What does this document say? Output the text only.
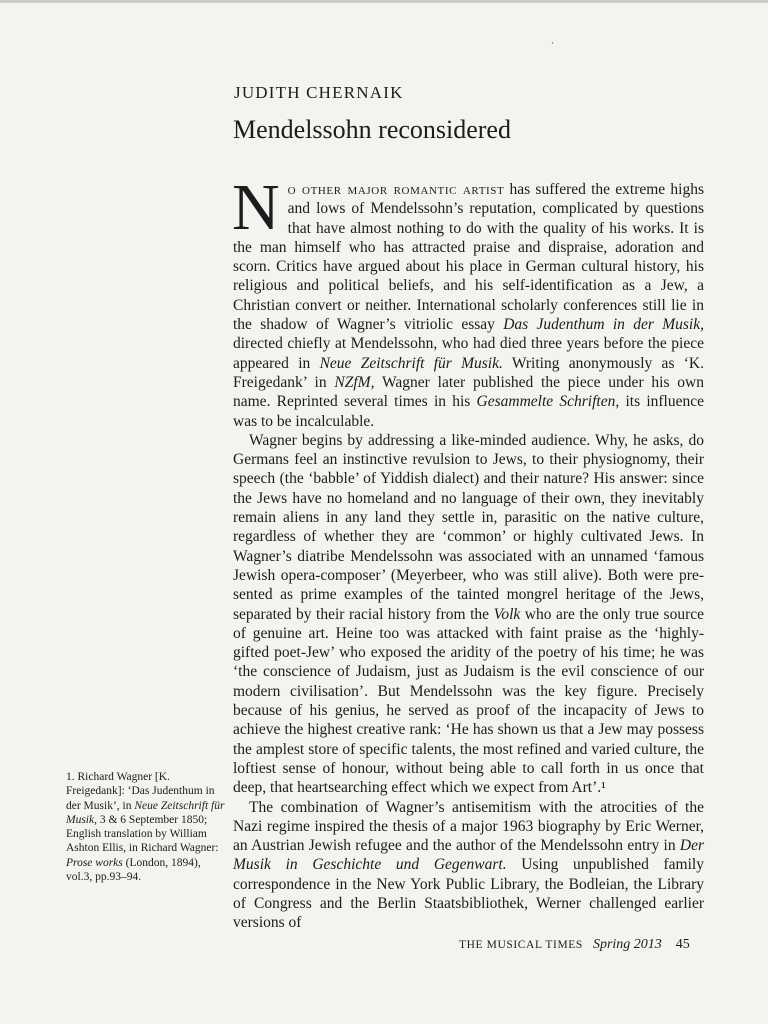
·
JUDITH CHERNAIK
Mendelssohn reconsidered

No other major romantic artist has suffered the extreme highs and lows of Mendelssohn’s reputation, complicated by questions that have almost nothing to do with the quality of his works. It is the man himself who has attracted praise and dispraise, adoration and scorn. Critics have argued about his place in German cultural history, his religious and political beliefs, and his self-identification as a Jew, a Christian convert or neither. International scholarly conferences still lie in the shadow of Wagner’s vitriolic essay Das Judenthum in der Musik, directed chiefly at Mendelssohn, who had died three years before the piece appeared in Neue Zeitschrift für Musik. Writing anonymously as ‘K. Freigedank’ in NZfM, Wagner later published the piece under his own name. Reprinted several times in his Gesammelte Schriften, its influence was to be incalculable.

Wagner begins by addressing a like-minded audience. Why, he asks, do Germans feel an instinctive revulsion to Jews, to their physiognomy, their speech (the ‘babble’ of Yiddish dialect) and their nature? His answer: since the Jews have no homeland and no language of their own, they inevitably remain aliens in any land they settle in, parasitic on the native culture, regardless of whether they are ‘common’ or highly cultivated Jews. In Wagner’s diatribe Mendelssohn was associated with an unnamed ‘famous Jewish opera-composer’ (Meyerbeer, who was still alive). Both were presented as prime examples of the tainted mongrel heritage of the Jews, separated by their racial history from the Volk who are the only true source of genuine art. Heine too was attacked with faint praise as the ‘highly-gifted poet-Jew’ who exposed the aridity of the poetry of his time; he was ‘the conscience of Judaism, just as Judaism is the evil conscience of our modern civilisation’. But Mendelssohn was the key figure. Precisely because of his genius, he served as proof of the incapacity of Jews to achieve the highest creative rank: ‘He has shown us that a Jew may possess the amplest store of specific talents, the most refined and varied culture, the loftiest sense of honour, without being able to call forth in us once that deep, that heartsearching effect which we expect from Art’.¹

The combination of Wagner’s antisemitism with the atrocities of the Nazi regime inspired the thesis of a major 1963 biography by Eric Werner, an Austrian Jewish refugee and the author of the Mendelssohn entry in Der Musik in Geschichte und Gegenwart. Using unpublished family correspondence in the New York Public Library, the Bodleian, the Library of Congress and the Berlin Staatsbibliothek, Werner challenged earlier versions of

1. Richard Wagner [K. Freigedank]: ‘Das Judenthum in der Musik’, in Neue Zeitschrift für Musik, 3 & 6 September 1850; English translation by William Ashton Ellis, in Richard Wagner: Prose works (London, 1894), vol.3, pp.93–94.
THE MUSICAL TIMES Spring 2013 45
